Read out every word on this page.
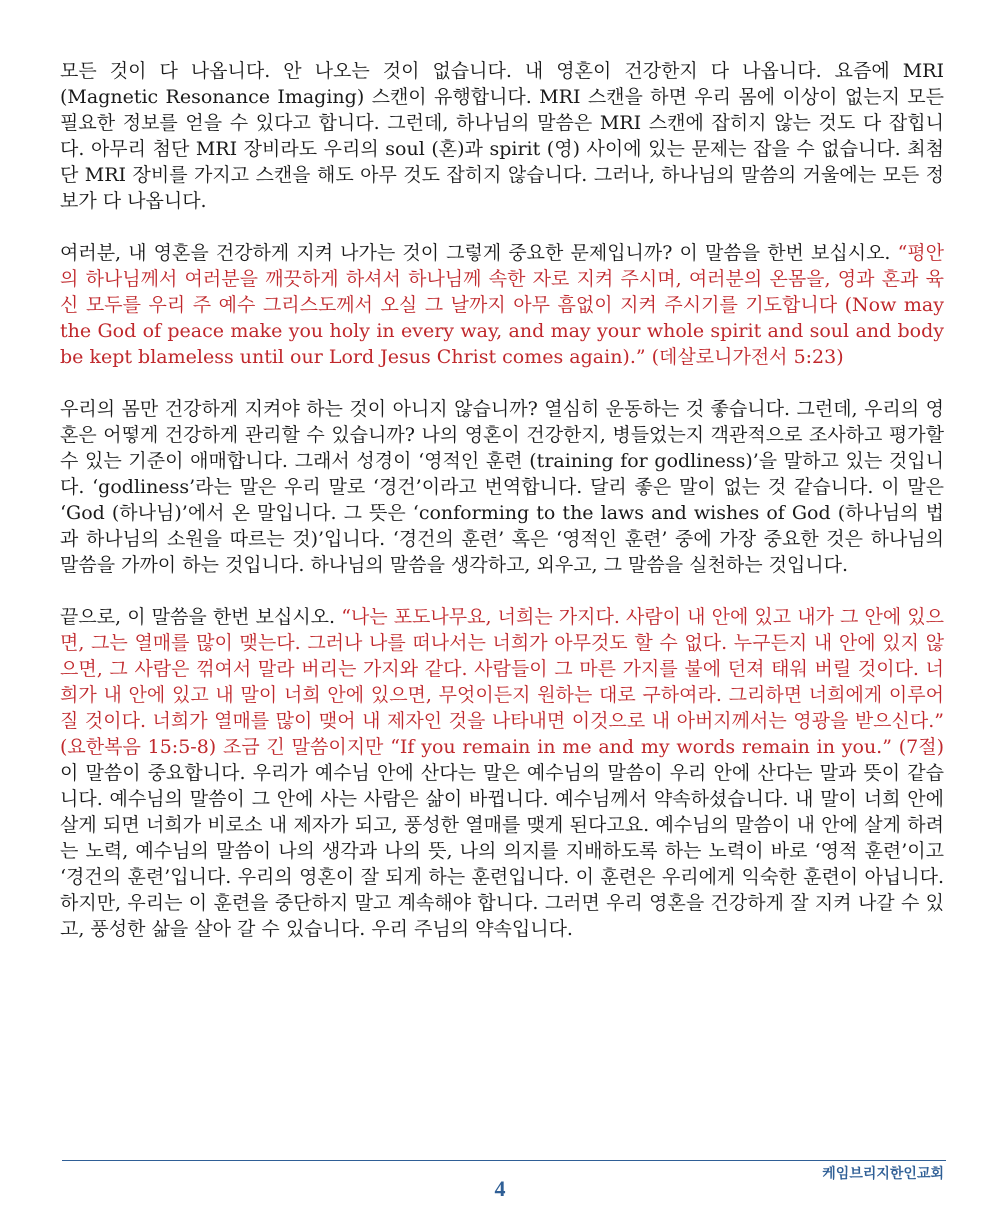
모든 것이 다 나옵니다. 안 나오는 것이 없습니다. 내 영혼이 건강한지 다 나옵니다. 요즘에 MRI (Magnetic Resonance Imaging) 스캔이 유행합니다. MRI 스캔을 하면 우리 몸에 이상이 없는지 모든 필요한 정보를 얻을 수 있다고 합니다. 그런데, 하나님의 말씀은 MRI 스캔에 잡히지 않는 것도 다 잡힙니다. 아무리 첨단 MRI 장비라도 우리의 soul (혼)과 spirit (영) 사이에 있는 문제는 잡을 수 없습니다. 최첨단 MRI 장비를 가지고 스캔을 해도 아무 것도 잡히지 않습니다. 그러나, 하나님의 말씀의 거울에는 모든 정보가 다 나옵니다.

여러분, 내 영혼을 건강하게 지켜 나가는 것이 그렇게 중요한 문제입니까? 이 말씀을 한번 보십시오. “평안의 하나님께서 여러분을 깨끗하게 하셔서 하나님께 속한 자로 지켜 주시며, 여러분의 온몸을, 영과 혼과 육신 모두를 우리 주 예수 그리스도께서 오실 그 날까지 아무 흠없이 지켜 주시기를 기도합니다 (Now may the God of peace make you holy in every way, and may your whole spirit and soul and body be kept blameless until our Lord Jesus Christ comes again).” (데살로니가전서 5:23)

우리의 몸만 건강하게 지켜야 하는 것이 아니지 않습니까? 열심히 운동하는 것 좋습니다. 그런데, 우리의 영혼은 어떻게 건강하게 관리할 수 있습니까? 나의 영혼이 건강한지, 병들었는지 객관적으로 조사하고 평가할 수 있는 기준이 애매합니다. 그래서 성경이 ‘영적인 훈련 (training for godliness)’을 말하고 있는 것입니다. ‘godliness’라는 말은 우리 말로 ‘경건’이라고 번역합니다. 달리 좋은 말이 없는 것 같습니다. 이 말은 ‘God (하나님)’에서 온 말입니다. 그 뜻은 ‘conforming to the laws and wishes of God (하나님의 법과 하나님의 소원을 따르는 것)’입니다. ‘경건의 훈련’ 혹은 ‘영적인 훈련’ 중에 가장 중요한 것은 하나님의 말씀을 가까이 하는 것입니다. 하나님의 말씀을 생각하고, 외우고, 그 말씀을 실천하는 것입니다.

끝으로, 이 말씀을 한번 보십시오. “나는 포도나무요, 너희는 가지다. 사람이 내 안에 있고 내가 그 안에 있으면, 그는 열매를 많이 맺는다. 그러나 나를 떠나서는 너희가 아무것도 할 수 없다. 누구든지 내 안에 있지 않으면, 그 사람은 꺾여서 말라 버리는 가지와 같다. 사람들이 그 마른 가지를 불에 던져 태워 버릴 것이다. 너희가 내 안에 있고 내 말이 너희 안에 있으면, 무엇이든지 원하는 대로 구하여라. 그리하면 너희에게 이루어질 것이다. 너희가 열매를 많이 맺어 내 제자인 것을 나타내면 이것으로 내 아버지께서는 영광을 받으신다.” (요한복음 15:5-8) 조금 긴 말씀이지만 “If you remain in me and my words remain in you.” (7절) 이 말씀이 중요합니다. 우리가 예수님 안에 산다는 말은 예수님의 말씀이 우리 안에 산다는 말과 뜻이 같습니다. 예수님의 말씀이 그 안에 사는 사람은 삶이 바뀝니다. 예수님께서 약속하셨습니다. 내 말이 너희 안에 살게 되면 너희가 비로소 내 제자가 되고, 풍성한 열매를 맺게 된다고요. 예수님의 말씀이 내 안에 살게 하려는 노력, 예수님의 말씀이 나의 생각과 나의 뜻, 나의 의지를 지배하도록 하는 노력이 바로 ‘영적 훈련’이고 ‘경건의 훈련’입니다. 우리의 영혼이 잘 되게 하는 훈련입니다. 이 훈련은 우리에게 익숙한 훈련이 아닙니다. 하지만, 우리는 이 훈련을 중단하지 말고 계속해야 합니다. 그러면 우리 영혼을 건강하게 잘 지켜 나갈 수 있고, 풍성한 삶을 살아 갈 수 있습니다. 우리 주님의 약속입니다.

4
케임브리지한인교회
